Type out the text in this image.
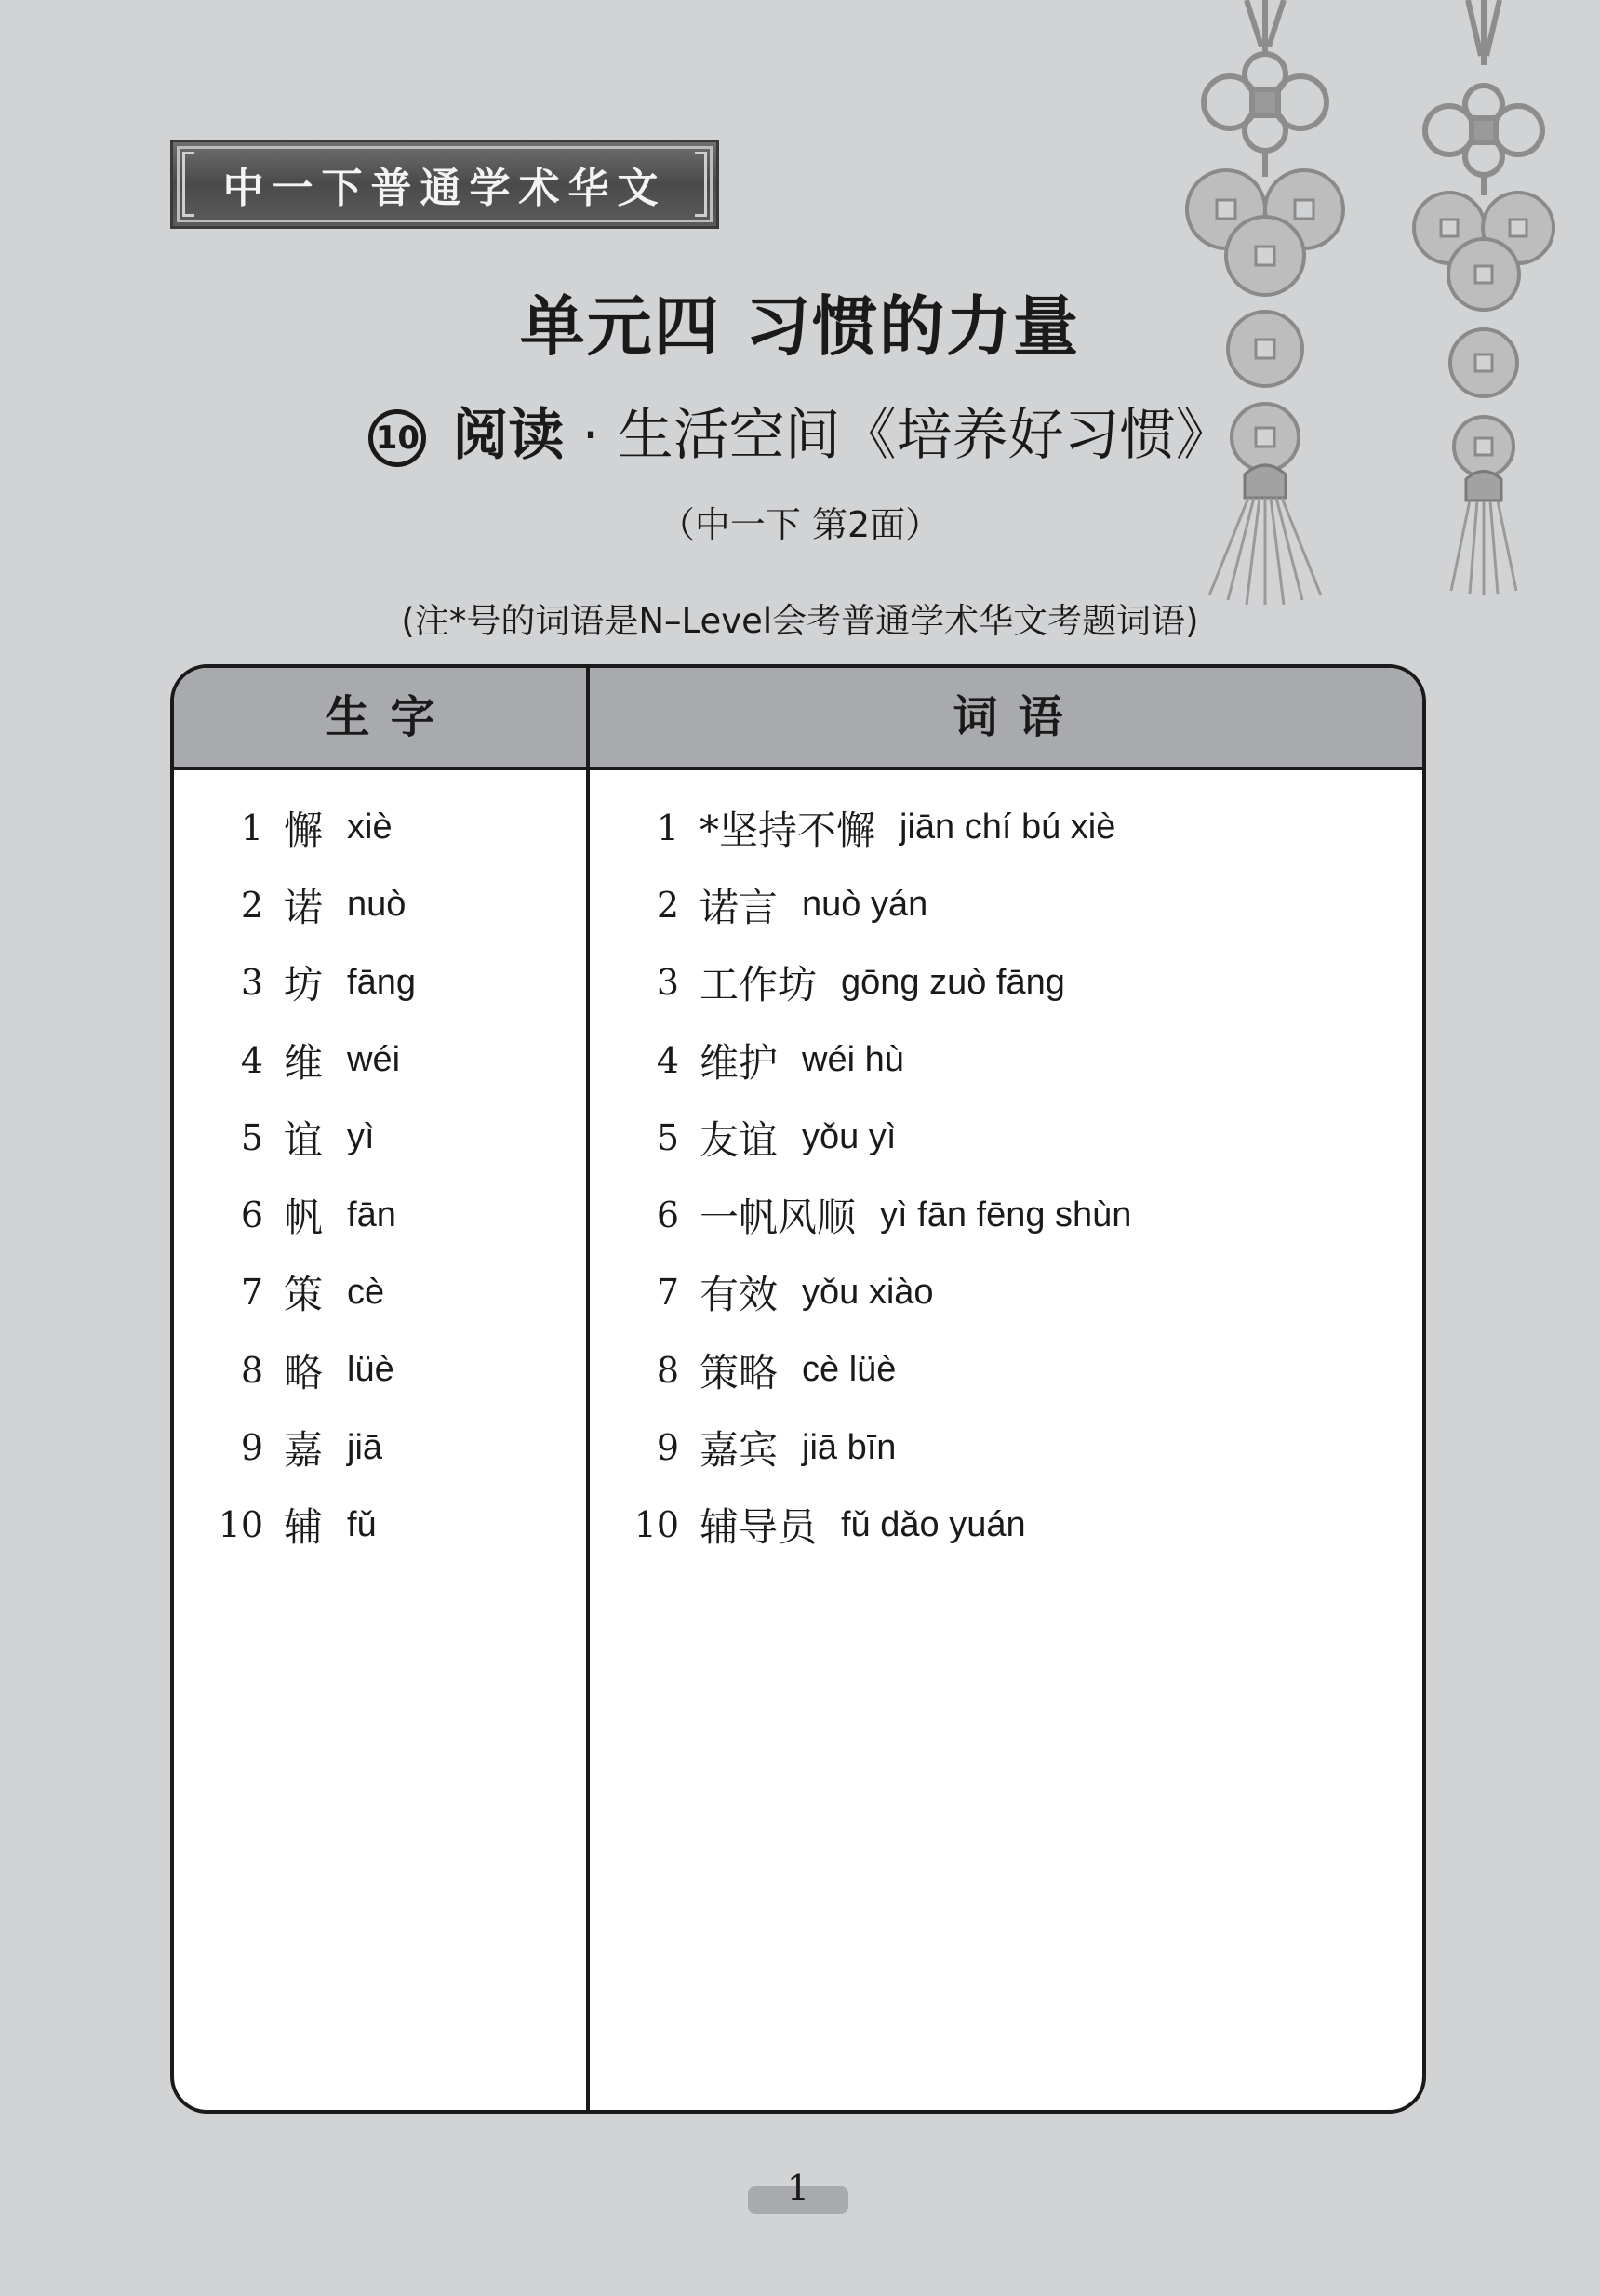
中一下普通学术华文
单元四 习惯的力量
10 阅读 · 生活空间《培养好习惯》
（中一下 第2面）
(注*号的词语是N–Level会考普通学术华文考题词语)
生字	词语
1 懈 xiè
2 诺 nuò
3 坊 fāng
4 维 wéi
5 谊 yì
6 帆 fān
7 策 cè
8 略 lüè
9 嘉 jiā
10 辅 fǔ
1 *坚持不懈 jiān chí bú xiè
2 诺言 nuò yán
3 工作坊 gōng zuò fāng
4 维护 wéi hù
5 友谊 yǒu yì
6 一帆风顺 yì fān fēng shùn
7 有效 yǒu xiào
8 策略 cè lüè
9 嘉宾 jiā bīn
10 辅导员 fǔ dǎo yuán
1
